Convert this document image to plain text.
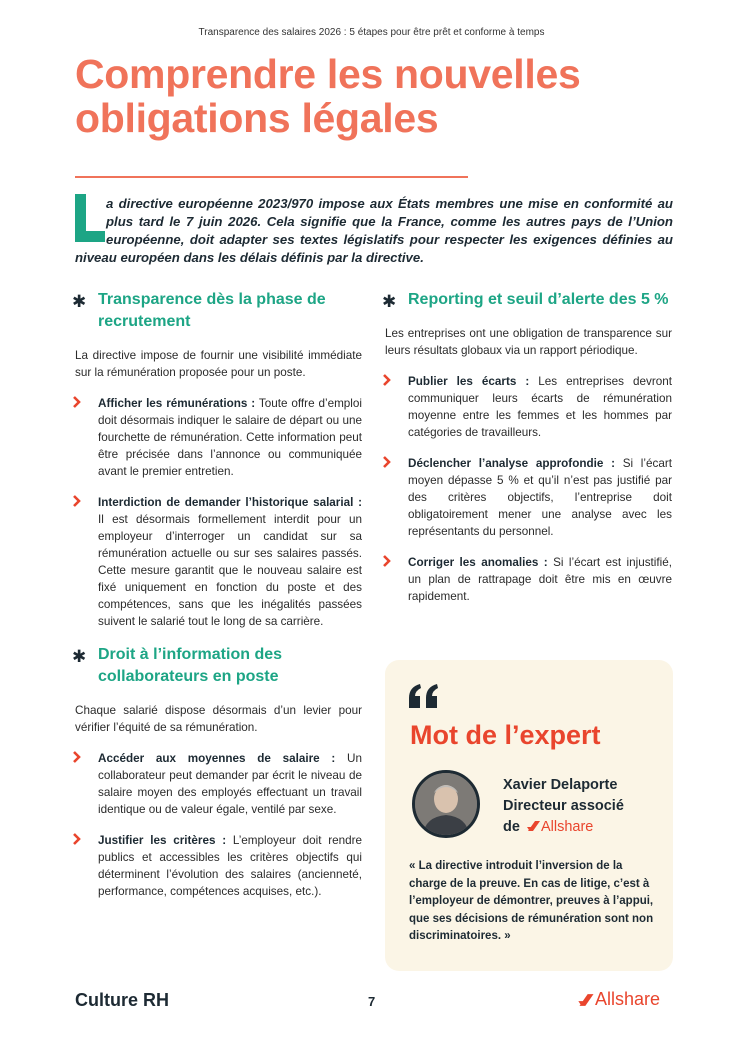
Transparence des salaires 2026 : 5 étapes pour être prêt et conforme à temps
Comprendre les nouvelles obligations légales

a directive européenne 2023/970 impose aux États membres une mise en conformité au plus tard le 7 juin 2026. Cela signifie que la France, comme les autres pays de l’Union européenne, doit adapter ses textes législatifs pour respecter les exigences définies au niveau européen dans les délais définis par la directive.

✱ Transparence dès la phase de recrutement

La directive impose de fournir une visibilité immédiate sur la rémunération proposée pour un poste.

Afficher les rémunérations : Toute offre d’emploi doit désormais indiquer le salaire de départ ou une fourchette de rémunération. Cette information peut être précisée dans l’annonce ou communiquée avant le premier entretien.
Interdiction de demander l’historique salarial : Il est désormais formellement interdit pour un employeur d’interroger un candidat sur sa rémunération actuelle ou sur ses salaires passés. Cette mesure garantit que le nouveau salaire est fixé uniquement en fonction du poste et des compétences, sans que les inégalités passées suivent le salarié tout le long de sa carrière.
✱ Droit à l’information des collaborateurs en poste

Chaque salarié dispose désormais d’un levier pour vérifier l’équité de sa rémunération.

Accéder aux moyennes de salaire : Un collaborateur peut demander par écrit le niveau de salaire moyen des employés effectuant un travail identique ou de valeur égale, ventilé par sexe.
Justifier les critères : L’employeur doit rendre publics et accessibles les critères objectifs qui déterminent l’évolution des salaires (ancienneté, performance, compétences acquises, etc.).
✱ Reporting et seuil d’alerte des 5 %

Les entreprises ont une obligation de transparence sur leurs résultats globaux via un rapport périodique.

Publier les écarts : Les entreprises devront communiquer leurs écarts de rémunération moyenne entre les femmes et les hommes par catégories de travailleurs.
Déclencher l’analyse approfondie : Si l’écart moyen dépasse 5 % et qu’il n’est pas justifié par des critères objectifs, l’entreprise doit obligatoirement mener une analyse avec les représentants du personnel.
Corriger les anomalies : Si l’écart est injustifié, un plan de rattrapage doit être mis en œuvre rapidement.
Mot de l’expert
Xavier Delaporte
Directeur associé
de Allshare

« La directive introduit l’inversion de la charge de la preuve. En cas de litige, c’est à l’employeur de démontrer, preuves à l’appui, que ses décisions de rémunération sont non discriminatoires. »

Culture RH	7	Allshare
